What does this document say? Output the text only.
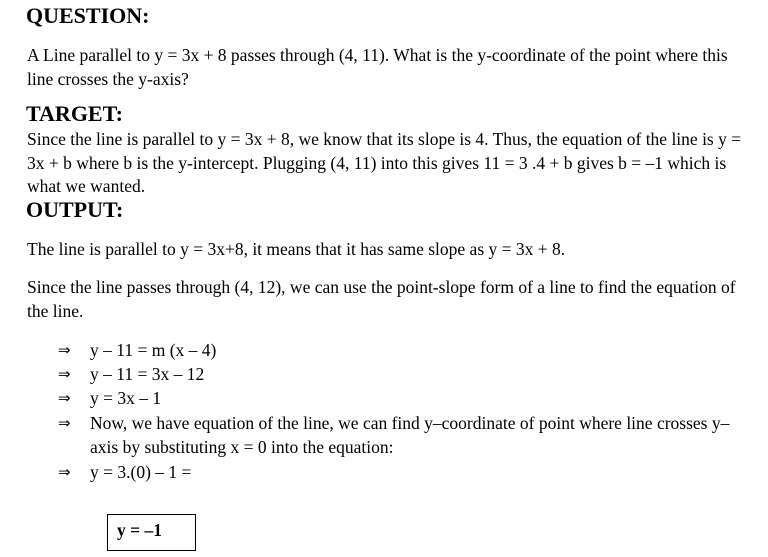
QUESTION:

A Line parallel to y = 3x + 8 passes through (4, 11). What is the y-coordinate of the point where this line crosses the y-axis?

TARGET:

Since the line is parallel to y = 3x + 8, we know that its slope is 4. Thus, the equation of the line is y = 3x + b where b is the y-intercept. Plugging (4, 11) into this gives 11 = 3 .4 + b gives b = –1 which is what we wanted.

OUTPUT:

The line is parallel to y = 3x+8, it means that it has same slope as y = 3x + 8.

Since the line passes through (4, 12), we can use the point-slope form of a line to find the equation of the line.

⇒	y – 11 = m (x – 4)
⇒	y – 11 = 3x – 12
⇒	y = 3x – 1
⇒	Now, we have equation of the line, we can find y–coordinate of point where line crosses y–axis by substituting x = 0 into the equation:
⇒	y = 3.(0) – 1 =
y = –1
